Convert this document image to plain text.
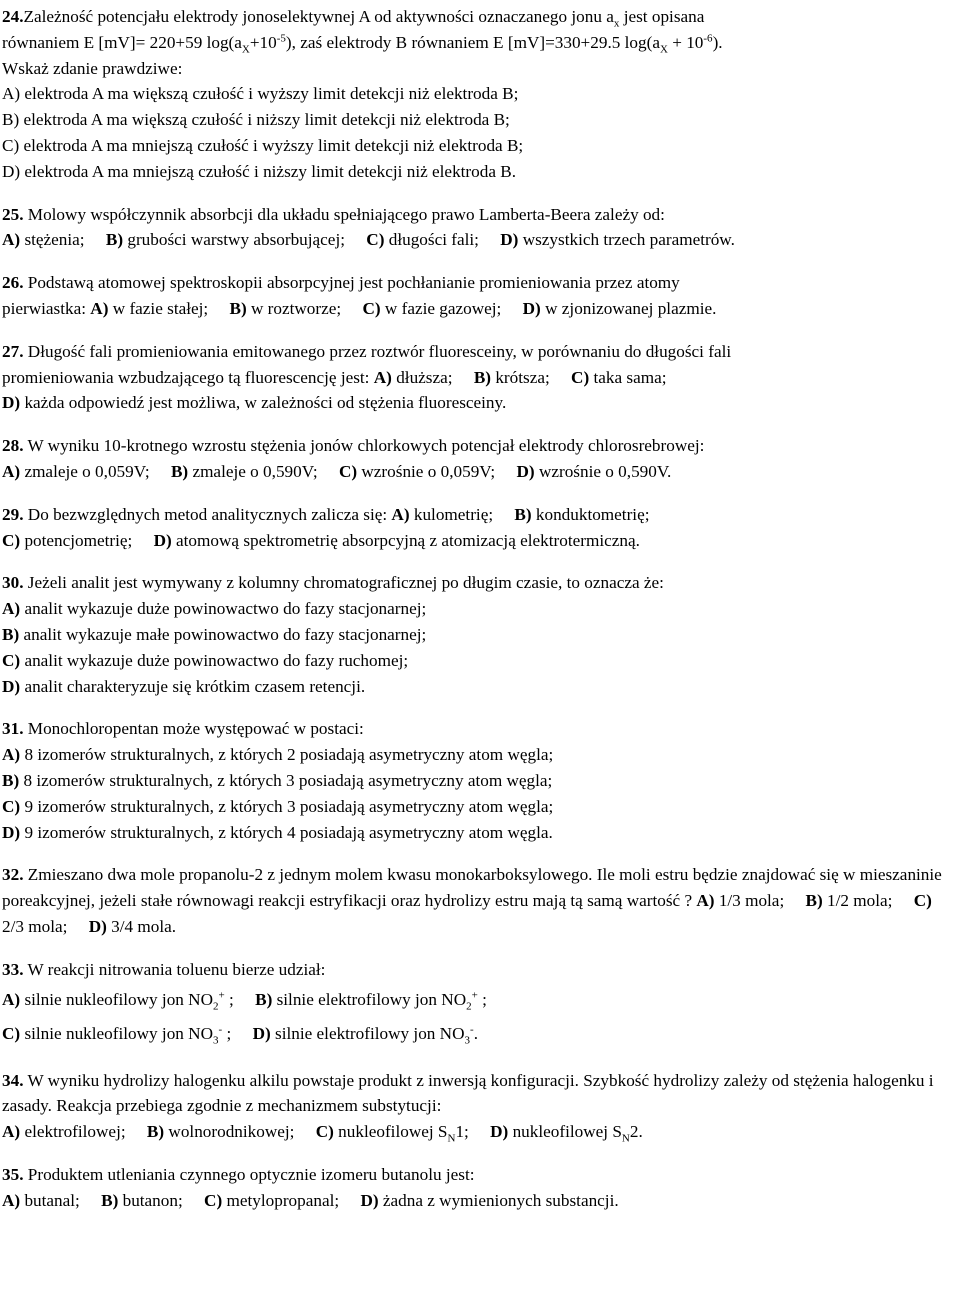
24.Zależność potencjału elektrody jonoselektywnej A od aktywności oznaczanego jonu $a_x$ jest opisana
równaniem E [mV]= 220+59 $\log(a_X+10^{-5})$, zaś elektrody B równaniem E [mV]=330+29.5 $\log(a_X + 10^{-6})$.
Wskaż zdanie prawdziwe:
A) elektroda A ma większą czułość i wyższy limit detekcji niż elektroda B;
B) elektroda A ma większą czułość i niższy limit detekcji niż elektroda B;
C) elektroda A ma mniejszą czułość i wyższy limit detekcji niż elektroda B;
D) elektroda A ma mniejszą czułość i niższy limit detekcji niż elektroda B.
25. Molowy współczynnik absorbcji dla układu spełniającego prawo Lamberta-Beera zależy od:
A) stężenia; B) grubości warstwy absorbującej; C) długości fali; D) wszystkich trzech parametrów.
26. Podstawą atomowej spektroskopii absorpcyjnej jest pochłanianie promieniowania przez atomy
pierwiastka: A) w fazie stałej; B) w roztworze; C) w fazie gazowej; D) w zjonizowanej plazmie.
27. Długość fali promieniowania emitowanego przez roztwór fluoresceiny, w porównaniu do długości fali
promieniowania wzbudzającego tą fluorescencję jest: A) dłuższa; B) krótsza; C) taka sama;
D) każda odpowiedź jest możliwa, w zależności od stężenia fluoresceiny.
28. W wyniku 10-krotnego wzrostu stężenia jonów chlorkowych potencjał elektrody chlorosrebrowej:
A) zmaleje o 0,059V; B) zmaleje o 0,590V; C) wzrośnie o 0,059V; D) wzrośnie o 0,590V.
29. Do bezwzględnych metod analitycznych zalicza się: A) kulometrię; B) konduktometrię;
C) potencjometrię; D) atomową spektrometrię absorpcyjną z atomizacją elektrotermiczną.
30. Jeżeli analit jest wymywany z kolumny chromatograficznej po długim czasie, to oznacza że:
A) analit wykazuje duże powinowactwo do fazy stacjonarnej;
B) analit wykazuje małe powinowactwo do fazy stacjonarnej;
C) analit wykazuje duże powinowactwo do fazy ruchomej;
D) analit charakteryzuje się krótkim czasem retencji.
31. Monochloropentan może występować w postaci:
A) 8 izomerów strukturalnych, z których 2 posiadają asymetryczny atom węgla;
B) 8 izomerów strukturalnych, z których 3 posiadają asymetryczny atom węgla;
C) 9 izomerów strukturalnych, z których 3 posiadają asymetryczny atom węgla;
D) 9 izomerów strukturalnych, z których 4 posiadają asymetryczny atom węgla.
32. Zmieszano dwa mole propanolu-2 z jednym molem kwasu monokarboksylowego. Ile moli estru będzie znajdować się w mieszaninie poreakcyjnej, jeżeli stałe równowagi reakcji estryfikacji oraz hydrolizy estru mają tą samą wartość ? A) 1/3 mola; B) 1/2 mola; C) 2/3 mola; D) 3/4 mola.
33. W reakcji nitrowania toluenu bierze udział:
A) silnie nukleofilowy jon $NO_2^+$ ; B) silnie elektrofilowy jon $NO_2^+$ ;
C) silnie nukleofilowy jon $NO_3^-$ ; D) silnie elektrofilowy jon $NO_3^-$.
34. W wyniku hydrolizy halogenku alkilu powstaje produkt z inwersją konfiguracji. Szybkość hydrolizy zależy od stężenia halogenku i zasady. Reakcja przebiega zgodnie z mechanizmem substytucji:
A) elektrofilowej; B) wolnorodnikowej; C) nukleofilowej $S_N1$; D) nukleofilowej $S_N2$.
35. Produktem utleniania czynnego optycznie izomeru butanolu jest:
A) butanal; B) butanon; C) metylopropanal; D) żadna z wymienionych substancji.
